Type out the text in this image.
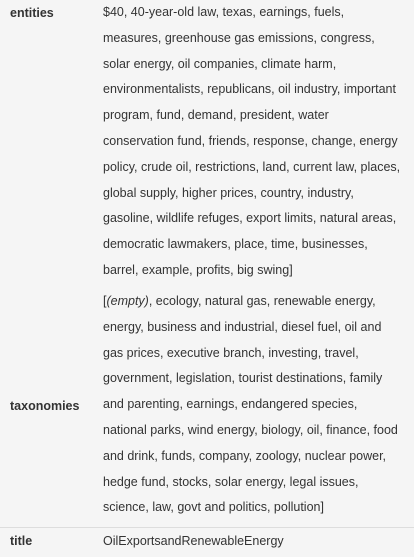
entities	$40, 40-year-old law, texas, earnings, fuels, measures, greenhouse gas emissions, congress, solar energy, oil companies, climate harm, environmentalists, republicans, oil industry, important program, fund, demand, president, water conservation fund, friends, response, change, energy policy, crude oil, restrictions, land, current law, places, global supply, higher prices, country, industry, gasoline, wildlife refuges, export limits, natural areas, democratic lawmakers, place, time, businesses, barrel, example, profits, big swing]
taxonomies
[(empty), ecology, natural gas, renewable energy, energy, business and industrial, diesel fuel, oil and gas prices, executive branch, investing, travel, government, legislation, tourist destinations, family and parenting, earnings, endangered species, national parks, wind energy, biology, oil, finance, food and drink, funds, company, zoology, nuclear power, hedge fund, stocks, solar energy, legal issues, science, law, govt and politics, pollution]
title	OilExportsandRenewableEnergy
